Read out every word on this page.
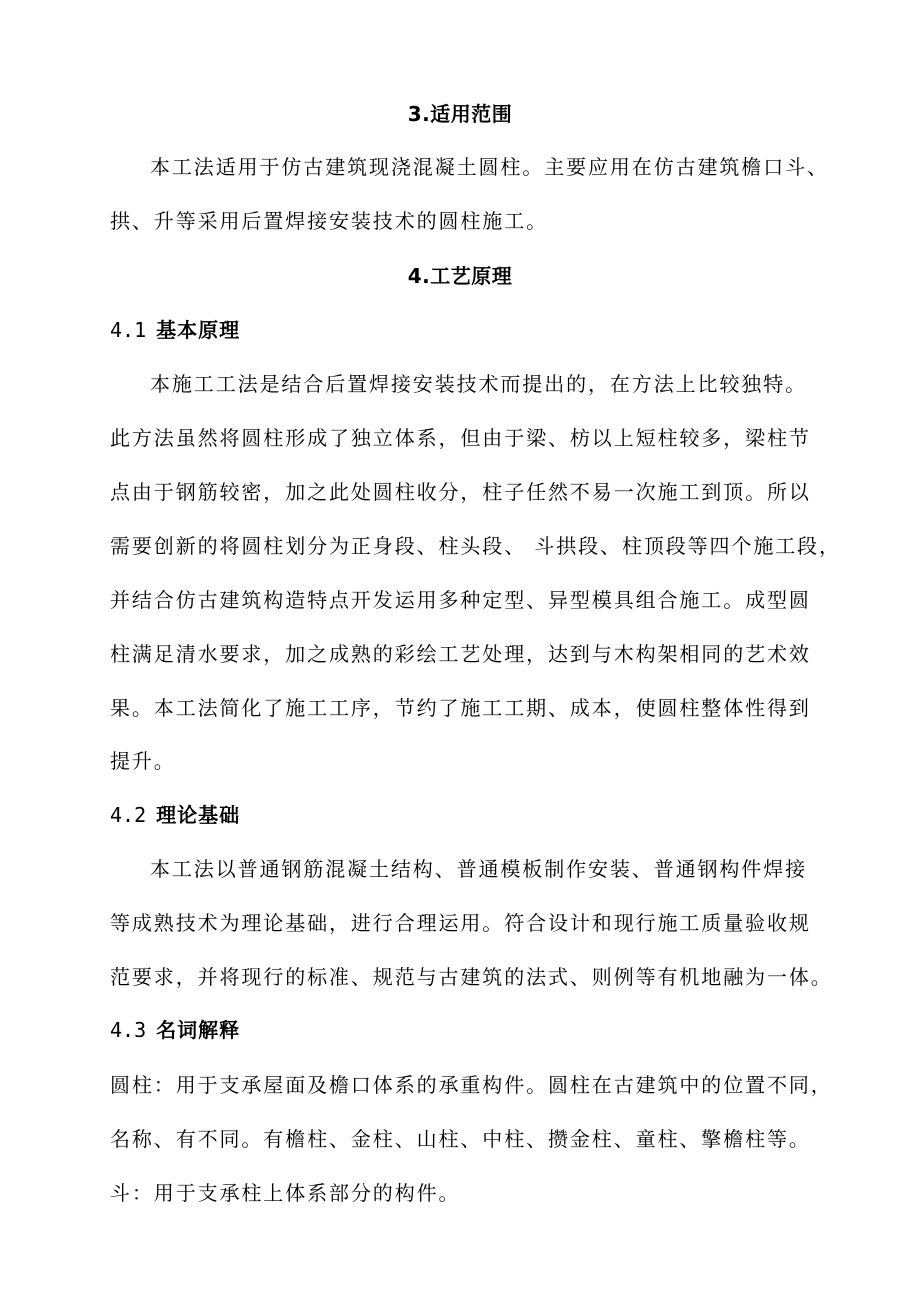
3.适用范围
本工法适用于仿古建筑现浇混凝土圆柱。主要应用在仿古建筑檐口斗、
拱、升等采用后置焊接安装技术的圆柱施工。
4.工艺原理
4.1 基本原理
本施工工法是结合后置焊接安装技术而提出的，在方法上比较独特。
此方法虽然将圆柱形成了独立体系，但由于梁、枋以上短柱较多，梁柱节
点由于钢筋较密，加之此处圆柱收分，柱子任然不易一次施工到顶。所以
需要创新的将圆柱划分为正身段、柱头段、 斗拱段、柱顶段等四个施工段，
并结合仿古建筑构造特点开发运用多种定型、异型模具组合施工。成型圆
柱满足清水要求，加之成熟的彩绘工艺处理，达到与木构架相同的艺术效
果。本工法简化了施工工序，节约了施工工期、成本，使圆柱整体性得到
提升。
4.2 理论基础
本工法以普通钢筋混凝土结构、普通模板制作安装、普通钢构件焊接
等成熟技术为理论基础，进行合理运用。符合设计和现行施工质量验收规
范要求，并将现行的标准、规范与古建筑的法式、则例等有机地融为一体。
4.3 名词解释
圆柱：用于支承屋面及檐口体系的承重构件。圆柱在古建筑中的位置不同，
名称、有不同。有檐柱、金柱、山柱、中柱、攒金柱、童柱、擎檐柱等。
斗：用于支承柱上体系部分的构件。
